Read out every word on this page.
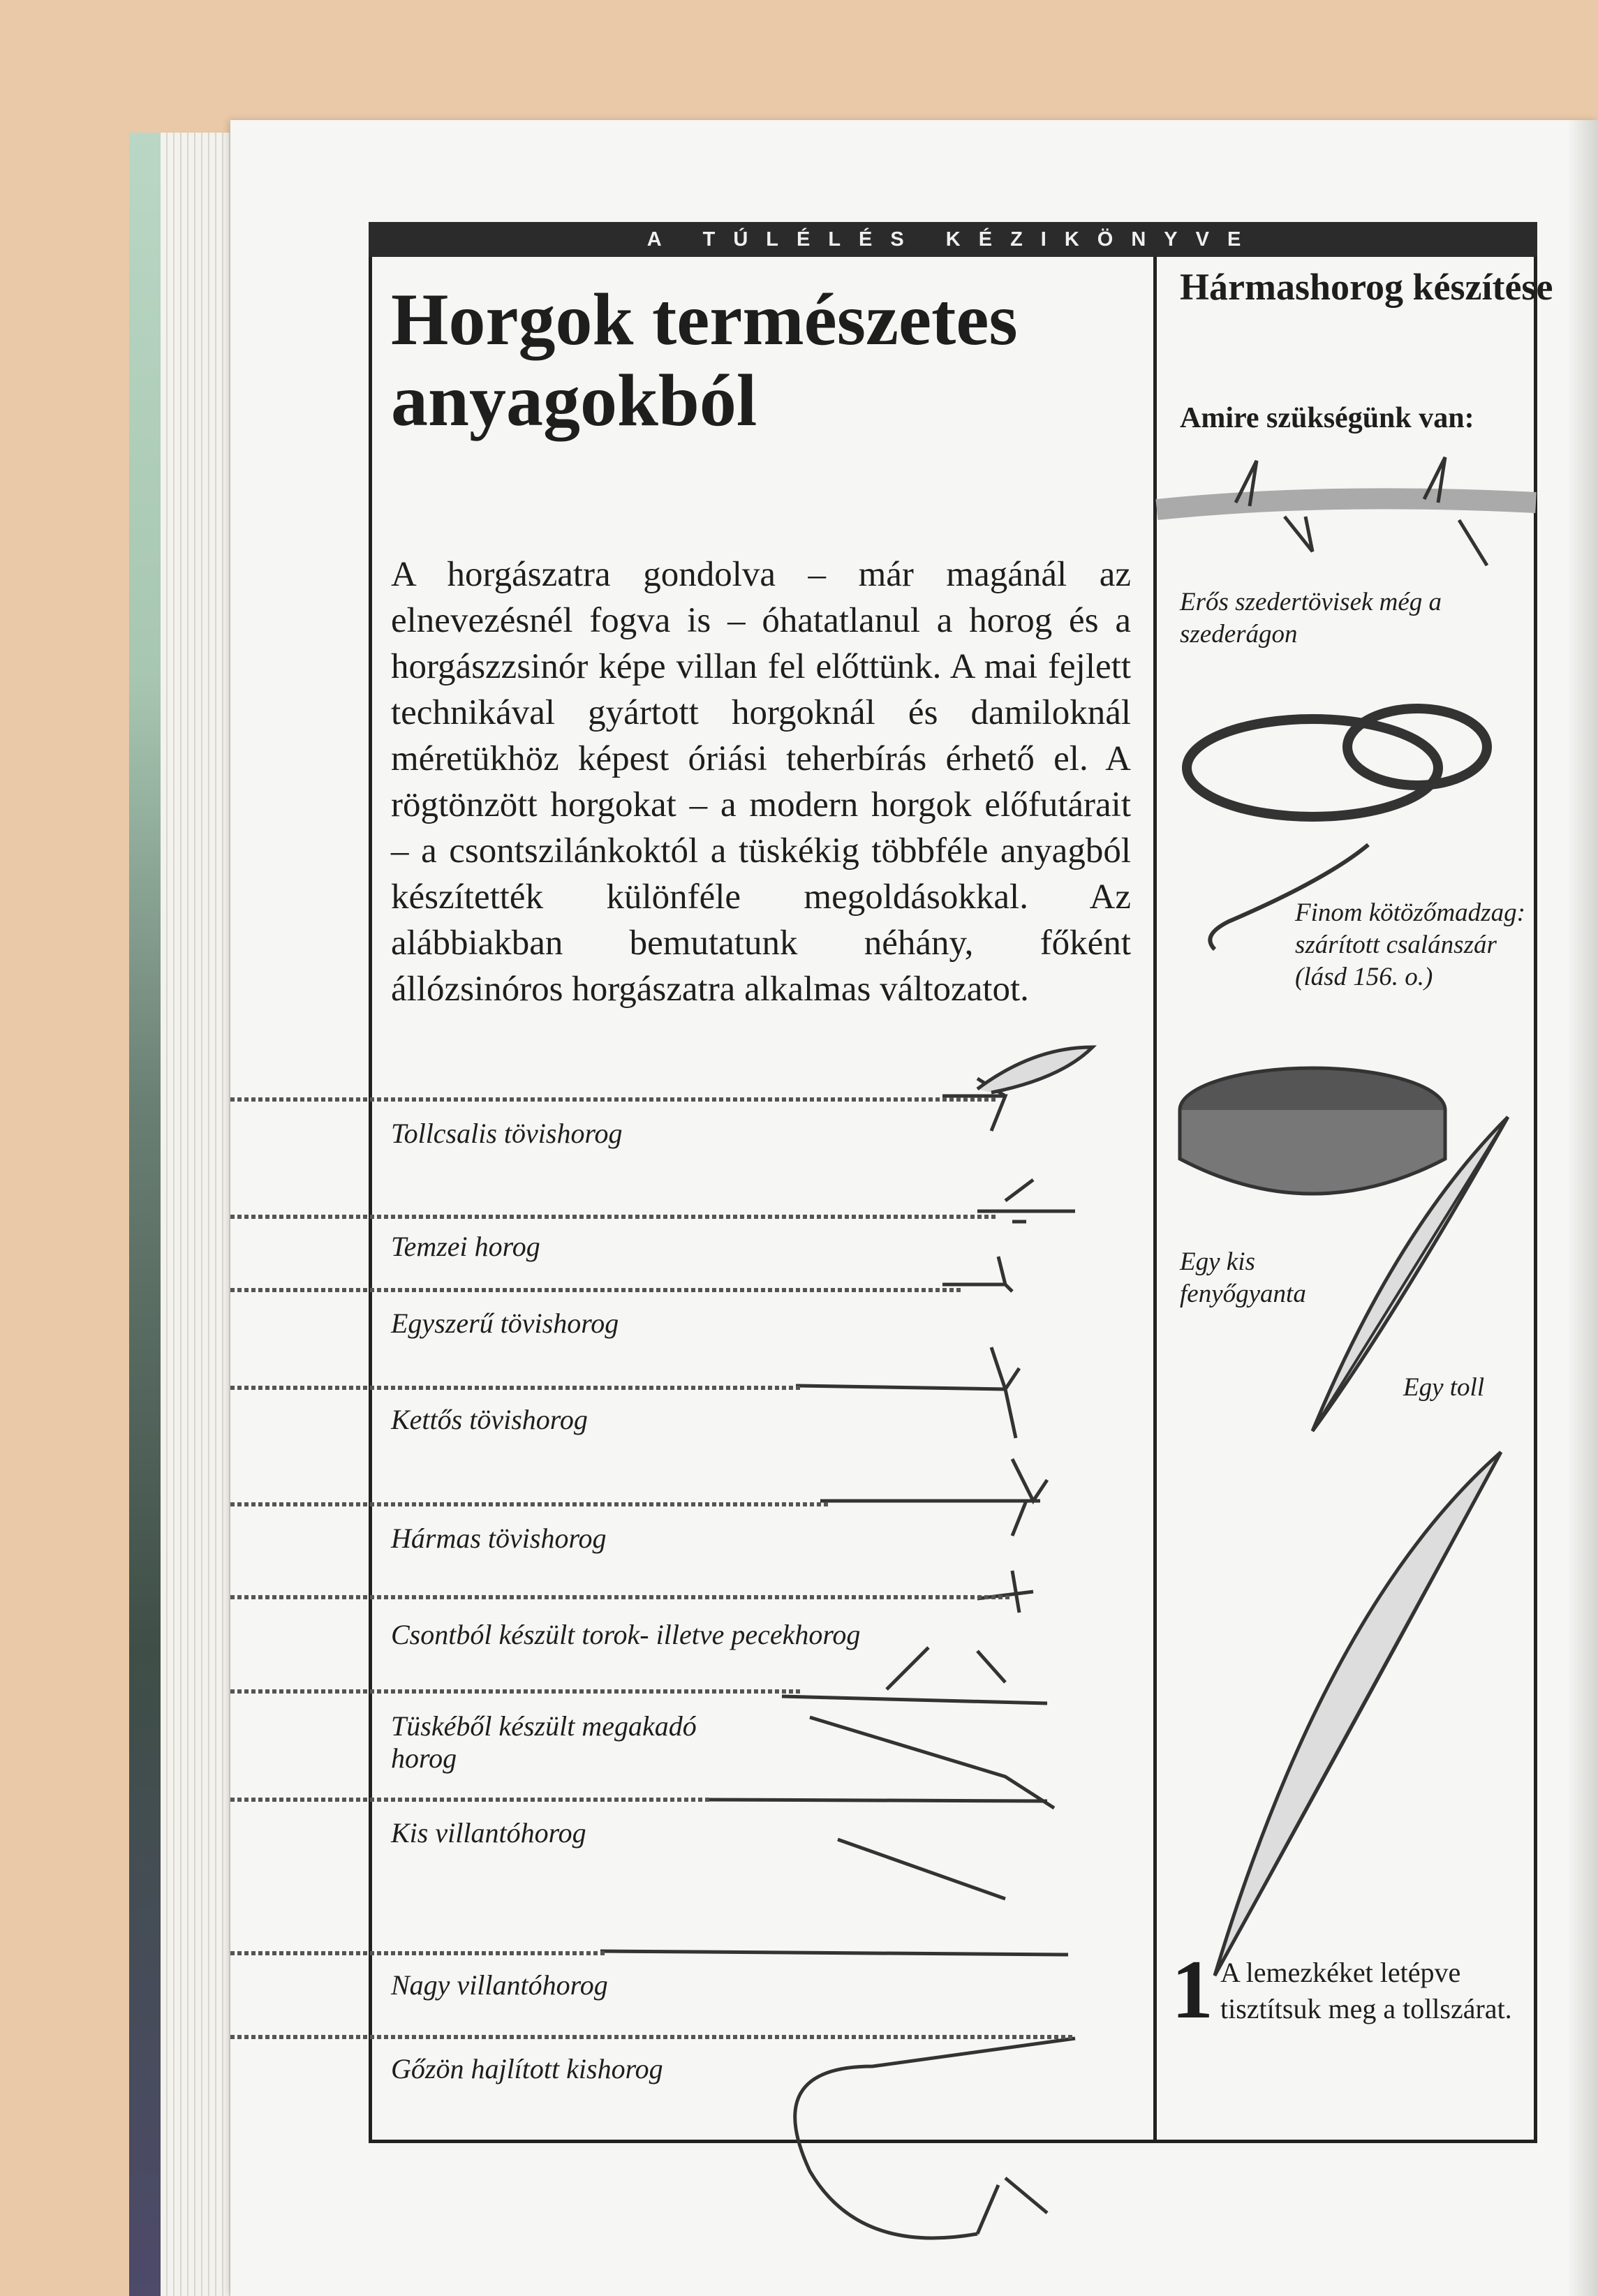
A TÚLÉLÉS KÉZIKÖNYVE
Horgok természetes anyagokból

A horgászatra gondolva – már magánál az elnevezésnél fogva is – óhatatlanul a horog és a horgászzsinór képe villan fel előttünk. A mai fejlett technikával gyártott horgoknál és damiloknál méretükhöz képest óriási teherbírás érhető el. A rögtönzött horgokat – a modern horgok előfutárait – a csontszilánkoktól a tüskékig többféle anyagból készítették különféle megoldásokkal. Az alábbiakban bemutatunk néhány, főként állózsinóros horgászatra alkalmas változatot.

Tollcsalis tövishorog
Temzei horog
Egyszerű tövishorog
Kettős tövishorog
Hármas tövishorog
Csontból készült torok- illetve pecekhorog
Tüskéből készült megakadó horog
Kis villantóhorog
Nagy villantóhorog
Gőzön hajlított kishorog
Hármashorog készítése
Amire szükségünk van:
Erős szedertövisek még a szederágon
Finom kötözőmadzag: szárított csalánszár (lásd 156. o.)
Egy kis fenyőgyanta
Egy toll
1 A lemezkéket letépve tisztítsuk meg a tollszárat.
